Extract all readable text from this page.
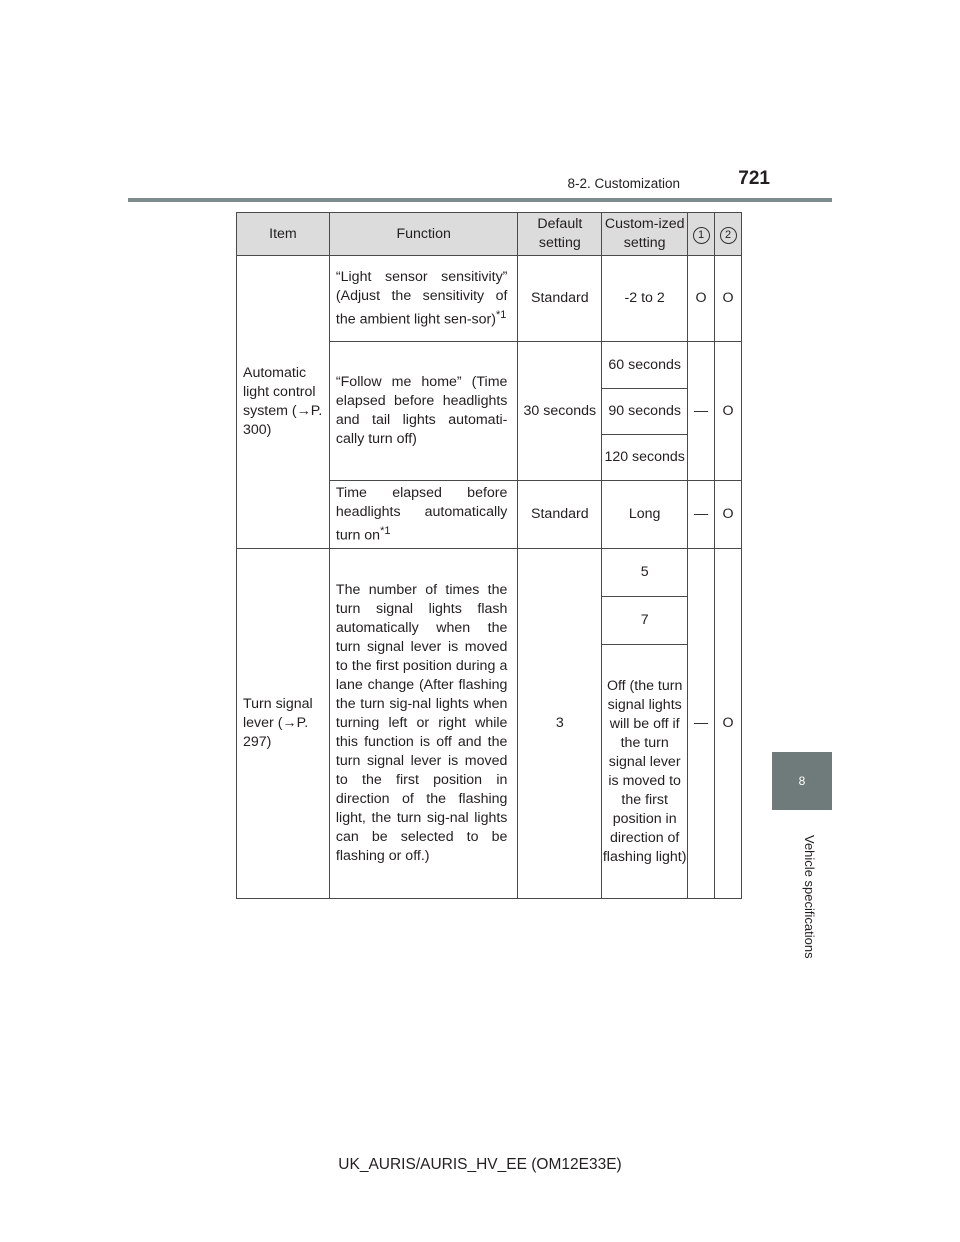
8-2. Customization	721
8
Vehicle specifications
Item	Function	Default setting	Custom-ized setting	1	2
Automatic light control system (→P. 300)	“Light sensor sensitivity” (Adjust the sensitivity of the ambient light sen-sor)$^{*1}$	Standard	-2 to 2	O	O
	“Follow me home” (Time elapsed before headlights and tail lights automati-cally turn off)	30 seconds	60 seconds	—	O
			90 seconds		
			120 seconds		
	Time elapsed before headlights automatically turn $on^{*1}$	Standard	Long	—	O
Turn signal lever (→P. 297)	The number of times the turn signal lights flash automatically when the turn signal lever is moved to the first position during a lane change (After flashing the turn sig-nal lights when turning left or right while this function is off and the turn signal lever is moved to the first position in direction of the flashing light, the turn sig-nal lights can be selected to be flashing or off.)	3	5	—	O
			7		
			Off (the turn signal lights will be off if the turn signal lever is moved to the first position in direction of flashing light)		
UK_AURIS/AURIS_HV_EE (OM12E33E)
